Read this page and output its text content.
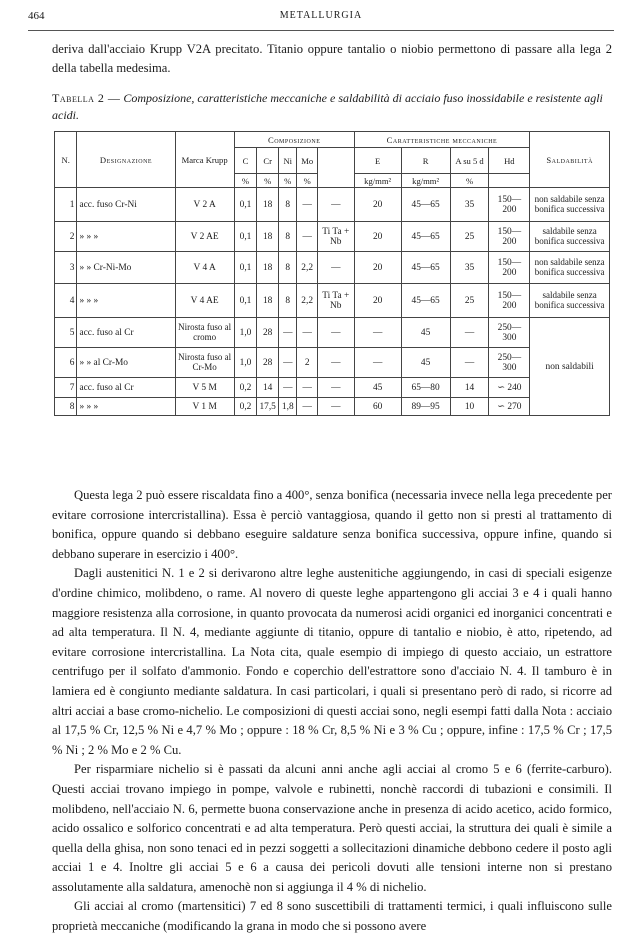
464	METALLURGIA
deriva dall'acciaio Krupp V2A precitato. Titanio oppure tantalio o niobio permettono di passare alla lega 2 della tabella medesima.
Tabella 2 — Composizione, caratteristiche meccaniche e saldabilità di acciaio fuso inossidabile e resistente agli acidi.
N.	Designazione	Marca Krupp	Composizione					Caratteristiche meccaniche				Saldabilità
			C	Cr	Ni	Mo		E	R	A su 5 d	Hd	
			%	%	%	%		kg/mm²	kg/mm²	%		
1	acc. fuso Cr-Ni	V 2 A	0,1	18	8	—	—	20	45—65	35	150—200	non saldabile senza bonifica successiva
2	» » »	V 2 AE	0,1	18	8	—	Ti Ta + Nb	20	45—65	25	150—200	saldabile senza bonifica successiva
3	» » Cr-Ni-Mo	V 4 A	0,1	18	8	2,2	—	20	45—65	35	150—200	non saldabile senza bonifica successiva
4	» » »	V 4 AE	0,1	18	8	2,2	Ti Ta + Nb	20	45—65	25	150—200	saldabile senza bonifica successiva
5	acc. fuso al Cr	Nirosta fuso al cromo	1,0	28	—	—	—	—	45	—	250—300	non saldabili
6	» » al Cr-Mo	Nirosta fuso al Cr-Mo	1,0	28	—	2	—	—	45	—	250—300	
7	acc. fuso al Cr	V 5 M	0,2	14	—	—	—	45	65—80	14	∽ 240	
8	» » »	V 1 M	0,2	17,5	1,8	—	—	60	89—95	10	∽ 270	

Questa lega 2 può essere riscaldata fino a 400°, senza bonifica (necessaria invece nella lega precedente per evitare corrosione intercristallina). Essa è perciò vantaggiosa, quando il getto non si presti al trattamento di bonifica, oppure quando si debbano eseguire saldature senza bonifica successiva, oppure infine, quando si debbano superare in esercizio i 400°.

Dagli austenitici N. 1 e 2 si derivarono altre leghe austenitiche aggiungendo, in casi di speciali esigenze d'ordine chimico, molibdeno, o rame. Al novero di queste leghe appartengono gli acciai 3 e 4 i quali hanno maggiore resistenza alla corrosione, in quanto provocata da numerosi acidi organici ed inorganici concentrati e ad alta temperatura. Il N. 4, mediante aggiunte di titanio, oppure di tantalio e niobio, è atto, ripetendo, ad evitare corrosione intercristallina. La Nota cita, quale esempio di impiego di questo acciaio, un estrattore centrifugo per il solfato d'ammonio. Fondo e coperchio dell'estrattore sono d'acciaio N. 4. Il tamburo è in lamiera ed è congiunto mediante saldatura. In casi particolari, i quali si presentano però di rado, si ricorre ad altri acciai a base cromo-nichelio. Le composizioni di questi acciai sono, negli esempi fatti dalla Nota : acciaio al 17,5 % Cr, 12,5 % Ni e 4,7 % Mo ; oppure : 18 % Cr, 8,5 % Ni e 3 % Cu ; oppure, infine : 17,5 % Cr ; 17,5 % Ni ; 2 % Mo e 2 % Cu.

Per risparmiare nichelio si è passati da alcuni anni anche agli acciai al cromo 5 e 6 (ferrite-carburo). Questi acciai trovano impiego in pompe, valvole e rubinetti, nonchè raccordi di tubazioni e consimili. Il molibdeno, nell'acciaio N. 6, permette buona conservazione anche in presenza di acido acetico, acido formico, acido ossalico e solforico concentrati e ad alta temperatura. Però questi acciai, la struttura dei quali è simile a quella della ghisa, non sono tenaci ed in pezzi soggetti a sollecitazioni dinamiche debbono cedere il posto agli acciai 1 e 4. Inoltre gli acciai 5 e 6 a causa dei pericoli dovuti alle tensioni interne non si prestano assolutamente alla saldatura, amenochè non si aggiunga il 4 % di nichelio.

Gli acciai al cromo (martensitici) 7 ed 8 sono suscettibili di trattamenti termici, i quali influiscono sulle proprietà meccaniche (modificando la grana in modo che si possono avere
